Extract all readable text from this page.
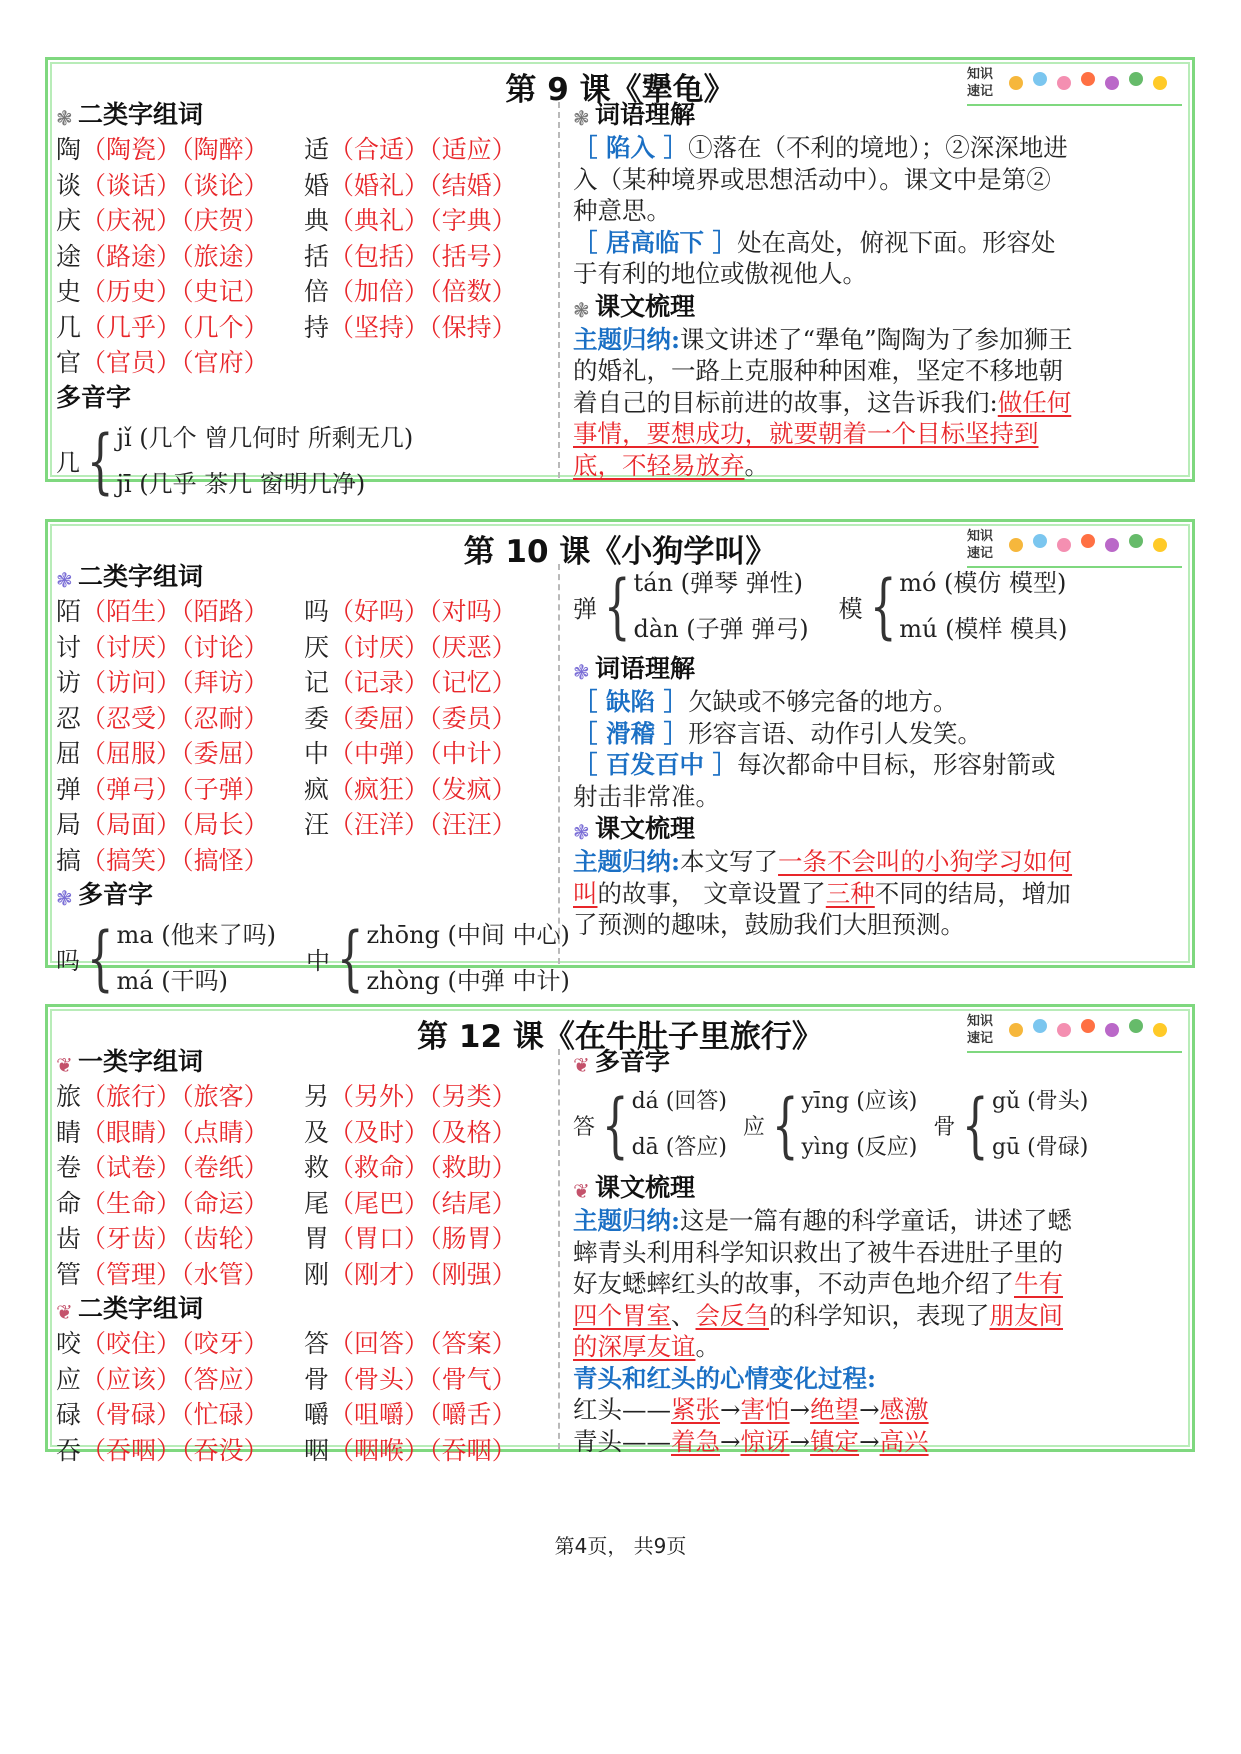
第 9 课《犟龟》	知识速记
❃ 二类字组词
陶（陶瓷）（陶醉） 适（合适）（适应）
谈（谈话）（谈论） 婚（婚礼）（结婚）
庆（庆祝）（庆贺） 典（典礼）（字典）
途（路途）（旅途） 括（包括）（括号）
史（历史）（史记） 倍（加倍）（倍数）
几（几乎）（几个） 持（坚持）（保持）
官（官员）（官府）
多音字
几 { jǐ (几个 曾几何时 所剩无几)
jī (几乎 茶几 窗明几净)
❃ 词语理解
［ 陷入 ］①落在（不利的境地）；②深深地进入（某种境界或思想活动中）。课文中是第②种意思。
［ 居高临下 ］处在高处，俯视下面。形容处于有利的地位或傲视他人。
❃ 课文梳理
主题归纳:课文讲述了“犟龟”陶陶为了参加狮王的婚礼，一路上克服种种困难，坚定不移地朝着自己的目标前进的故事，这告诉我们:做任何事情，要想成功，就要朝着一个目标坚持到底，不轻易放弃。
第 10 课《小狗学叫》	知识速记
❃ 二类字组词
陌（陌生）（陌路） 吗（好吗）（对吗）
讨（讨厌）（讨论） 厌（讨厌）（厌恶）
访（访问）（拜访） 记（记录）（记忆）
忍（忍受）（忍耐） 委（委屈）（委员）
屈（屈服）（委屈） 中（中弹）（中计）
弹（弹弓）（子弹） 疯（疯狂）（发疯）
局（局面）（局长） 汪（汪洋）（汪汪）
搞（搞笑）（搞怪）
❃ 多音字
吗 { ma (他来了吗)
má (干吗)
中 { zhōng (中间 中心)
zhòng (中弹 中计)
弹 { tán (弹琴 弹性)
dàn (子弹 弹弓)
模 { mó (模仿 模型)
mú (模样 模具)
❃ 词语理解
［ 缺陷 ］欠缺或不够完备的地方。
［ 滑稽 ］形容言语、动作引人发笑。
［ 百发百中 ］每次都命中目标，形容射箭或射击非常准。
❃ 课文梳理
主题归纳:本文写了一条不会叫的小狗学习如何叫的故事， 文章设置了三种不同的结局，增加了预测的趣味，鼓励我们大胆预测。
第 12 课《在牛肚子里旅行》	知识速记
❦ 一类字组词
旅（旅行）（旅客） 另（另外）（另类）
睛（眼睛）（点睛） 及（及时）（及格）
卷（试卷）（卷纸） 救（救命）（救助）
命（生命）（命运） 尾（尾巴）（结尾）
齿（牙齿）（齿轮） 胃（胃口）（肠胃）
管（管理）（水管） 刚（刚才）（刚强）
❦ 二类字组词
咬（咬住）（咬牙） 答（回答）（答案）
应（应该）（答应） 骨（骨头）（骨气）
碌（骨碌）（忙碌） 嚼（咀嚼）（嚼舌）
吞（吞咽）（吞没） 咽（咽喉）（吞咽）
❦ 多音字
答 { dá (回答)
dā (答应)
应 { yīng (应该)
yìng (反应)
骨 { gǔ (骨头)
gū (骨碌)
❦ 课文梳理
主题归纳:这是一篇有趣的科学童话，讲述了蟋蟀青头利用科学知识救出了被牛吞进肚子里的好友蟋蟀红头的故事，不动声色地介绍了牛有四个胃室、会反刍的科学知识，表现了朋友间的深厚友谊。
青头和红头的心情变化过程:
红头——紧张→害怕→绝望→感激
青头——着急→惊讶→镇定→高兴
第4页， 共9页
